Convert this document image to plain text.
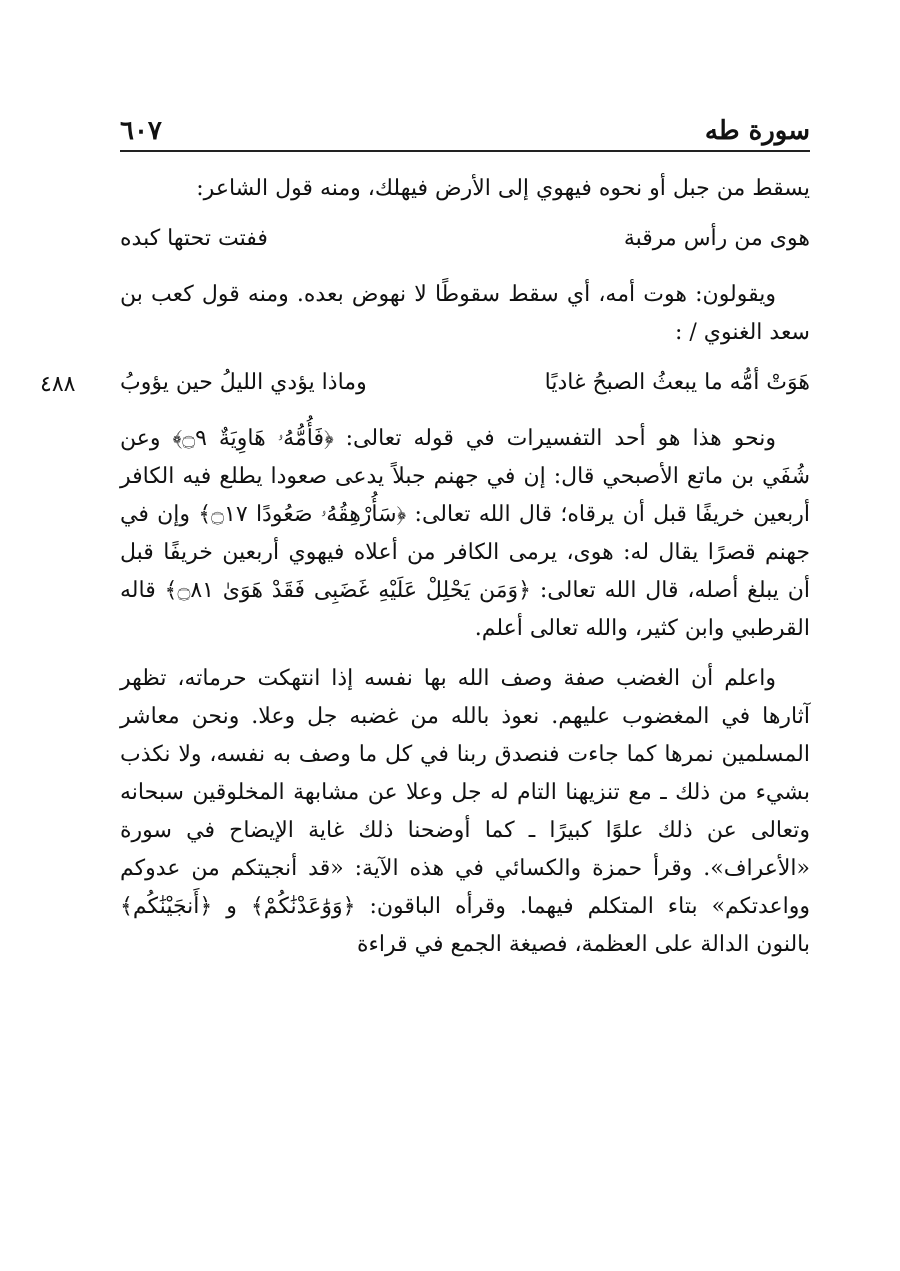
سورة طه
٦٠٧

يسقط من جبل أو نحوه فيهوي إلى الأرض فيهلك، ومنه قول الشاعر:

هوى من رأس مرقبة
ففتت تحتها كبده

ويقولون: هوت أمه، أي سقط سقوطًا لا نهوض بعده. ومنه قول كعب بن سعد الغنوي / :

هَوَتْ أمُّه ما يبعثُ الصبحُ غاديًا
وماذا يؤدي الليلُ حين يؤوبُ

ونحو هذا هو أحد التفسيرات في قوله تعالى: ﴿فَأُمُّهُۥ هَاوِيَةٌ ۝٩﴾ وعن شُفَي بن ماتع الأصبحي قال: إن في جهنم جبلاً يدعى صعودا يطلع فيه الكافر أربعين خريفًا قبل أن يرقاه؛ قال الله تعالى: ﴿سَأُرْهِقُهُۥ صَعُودًا ۝١٧﴾ وإن في جهنم قصرًا يقال له: هوى، يرمى الكافر من أعلاه فيهوي أربعين خريفًا قبل أن يبلغ أصله، قال الله تعالى: ﴿وَمَن يَحْلِلْ عَلَيْهِ غَضَبِى فَقَدْ هَوَىٰ ۝٨١﴾ قاله القرطبي وابن كثير، والله تعالى أعلم.

واعلم أن الغضب صفة وصف الله بها نفسه إذا انتهكت حرماته، تظهر آثارها في المغضوب عليهم. نعوذ بالله من غضبه جل وعلا. ونحن معاشر المسلمين نمرها كما جاءت فنصدق ربنا في كل ما وصف به نفسه، ولا نكذب بشيء من ذلك ـ مع تنزيهنا التام له جل وعلا عن مشابهة المخلوقين سبحانه وتعالى عن ذلك علوًا كبيرًا ـ كما أوضحنا ذلك غاية الإيضاح في سورة «الأعراف». وقرأ حمزة والكسائي في هذه الآية: «قد أنجيتكم من عدوكم وواعدتكم» بتاء المتكلم فيهما. وقرأه الباقون: ﴿وَوَٰعَدْنَٰكُمْ﴾ و ﴿أَنجَيْنَٰكُم﴾ بالنون الدالة على العظمة، فصيغة الجمع في قراءة

٤٨٨
